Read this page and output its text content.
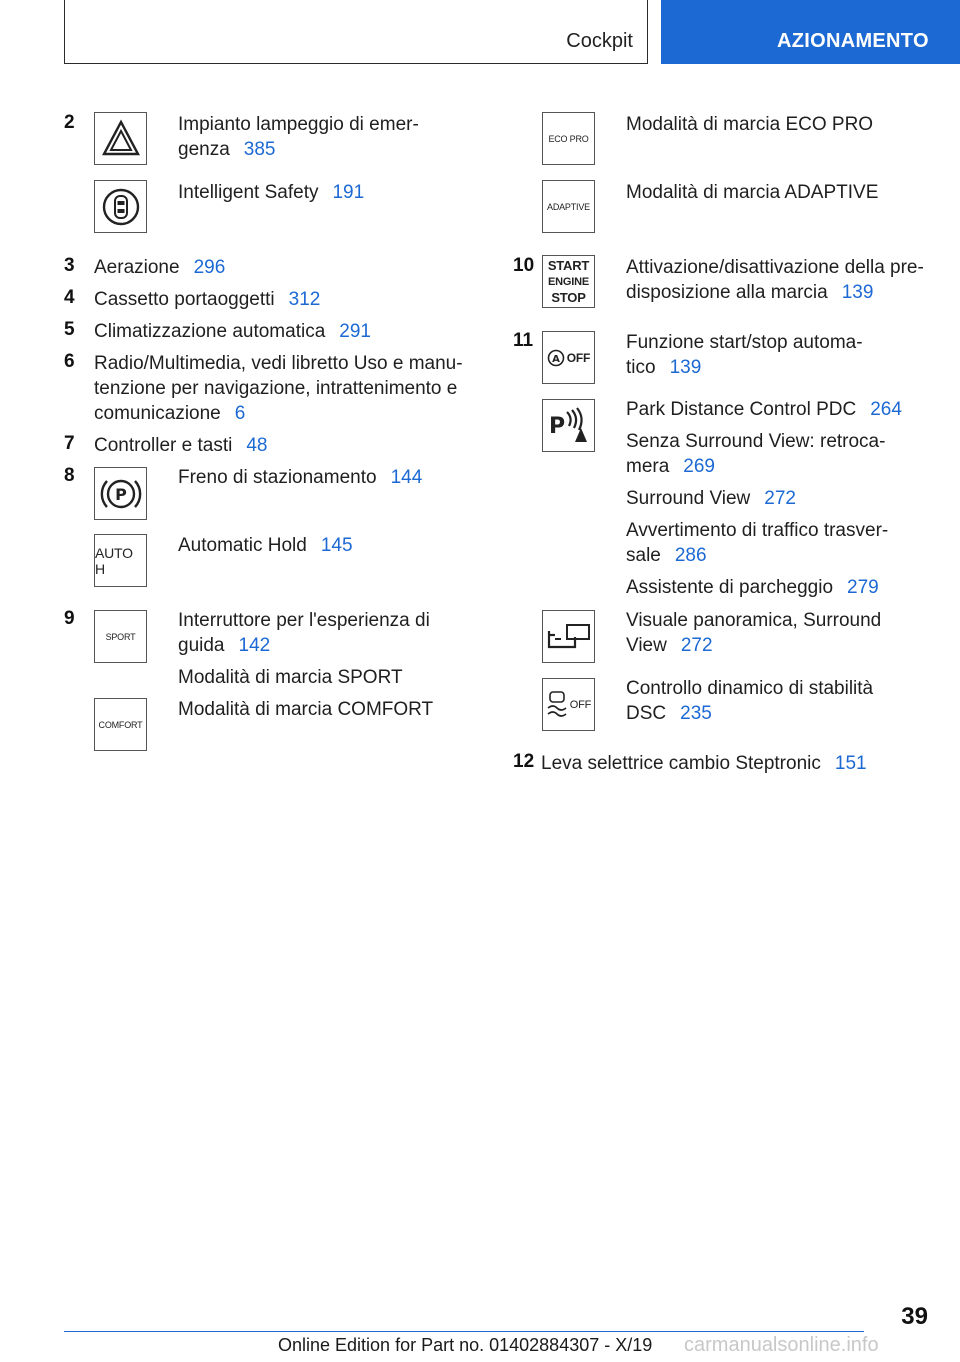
Cockpit	AZIONAMENTO
2	Impianto lampeggio di emer-
genza 385
Intelligent Safety 191
3 Aerazione 296
4 Cassetto portaoggetti 312
5 Climatizzazione automatica 291
6 Radio/Multimedia, vedi libretto Uso e manu-
tenzione per navigazione, intrattenimento e
comunicazione 6
7 Controller e tasti 48
8
P
Freno di stazionamento 144
AUTO H
Automatic Hold 145
9
SPORT
Interruttore per l'esperienza di
guida 142
Modalità di marcia SPORT
COMFORT
Modalità di marcia COMFORT
ECO PRO
Modalità di marcia ECO PRO
ADAPTIVE
Modalità di marcia ADAPTIVE
10 START
ENGINE
STOP
Attivazione/disattivazione della pre-
disposizione alla marcia 139
11
A OFF
Funzione start/stop automa-
tico 139
P
Park Distance Control PDC 264
Senza Surround View: retroca-
mera 269
Surround View 272
Avvertimento di traffico trasver-
sale 286
Assistente di parcheggio 279
Visuale panoramica, Surround
View 272
OFF
Controllo dinamico di stabilità
DSC 235
12 Leva selettrice cambio Steptronic 151
39
Online Edition for Part no. 01402884307 - X/19 carmanualsonline.info
